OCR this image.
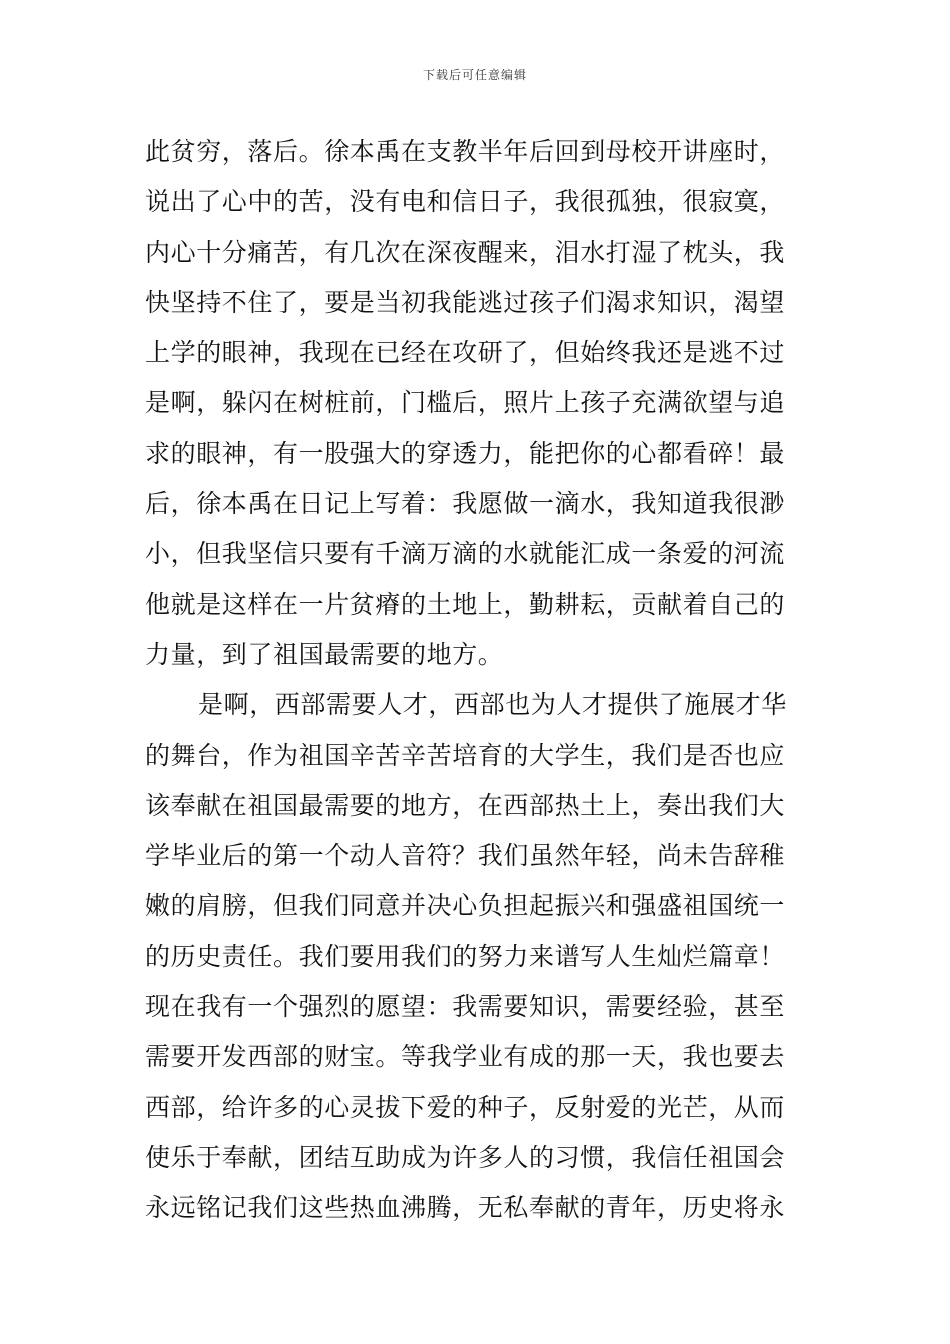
下载后可任意编辑
此贫穷，落后。徐本禹在支教半年后回到母校开讲座时，
说出了心中的苦，没有电和信日子，我很孤独，很寂寞，
内心十分痛苦，有几次在深夜醒来，泪水打湿了枕头，我
快坚持不住了，要是当初我能逃过孩子们渴求知识，渴望
上学的眼神，我现在已经在攻研了，但始终我还是逃不过
是啊，躲闪在树桩前，门槛后，照片上孩子充满欲望与追
求的眼神，有一股强大的穿透力，能把你的心都看碎！最
后，徐本禹在日记上写着：我愿做一滴水，我知道我很渺
小，但我坚信只要有千滴万滴的水就能汇成一条爱的河流
他就是这样在一片贫瘠的土地上，勤耕耘，贡献着自己的
力量，到了祖国最需要的地方。
是啊，西部需要人才，西部也为人才提供了施展才华
的舞台，作为祖国辛苦辛苦培育的大学生，我们是否也应
该奉献在祖国最需要的地方，在西部热土上，奏出我们大
学毕业后的第一个动人音符？我们虽然年轻，尚未告辞稚
嫩的肩膀，但我们同意并决心负担起振兴和强盛祖国统一
的历史责任。我们要用我们的努力来谱写人生灿烂篇章！
现在我有一个强烈的愿望：我需要知识，需要经验，甚至
需要开发西部的财宝。等我学业有成的那一天，我也要去
西部，给许多的心灵拔下爱的种子，反射爱的光芒，从而
使乐于奉献，团结互助成为许多人的习惯，我信任祖国会
永远铭记我们这些热血沸腾，无私奉献的青年，历史将永
